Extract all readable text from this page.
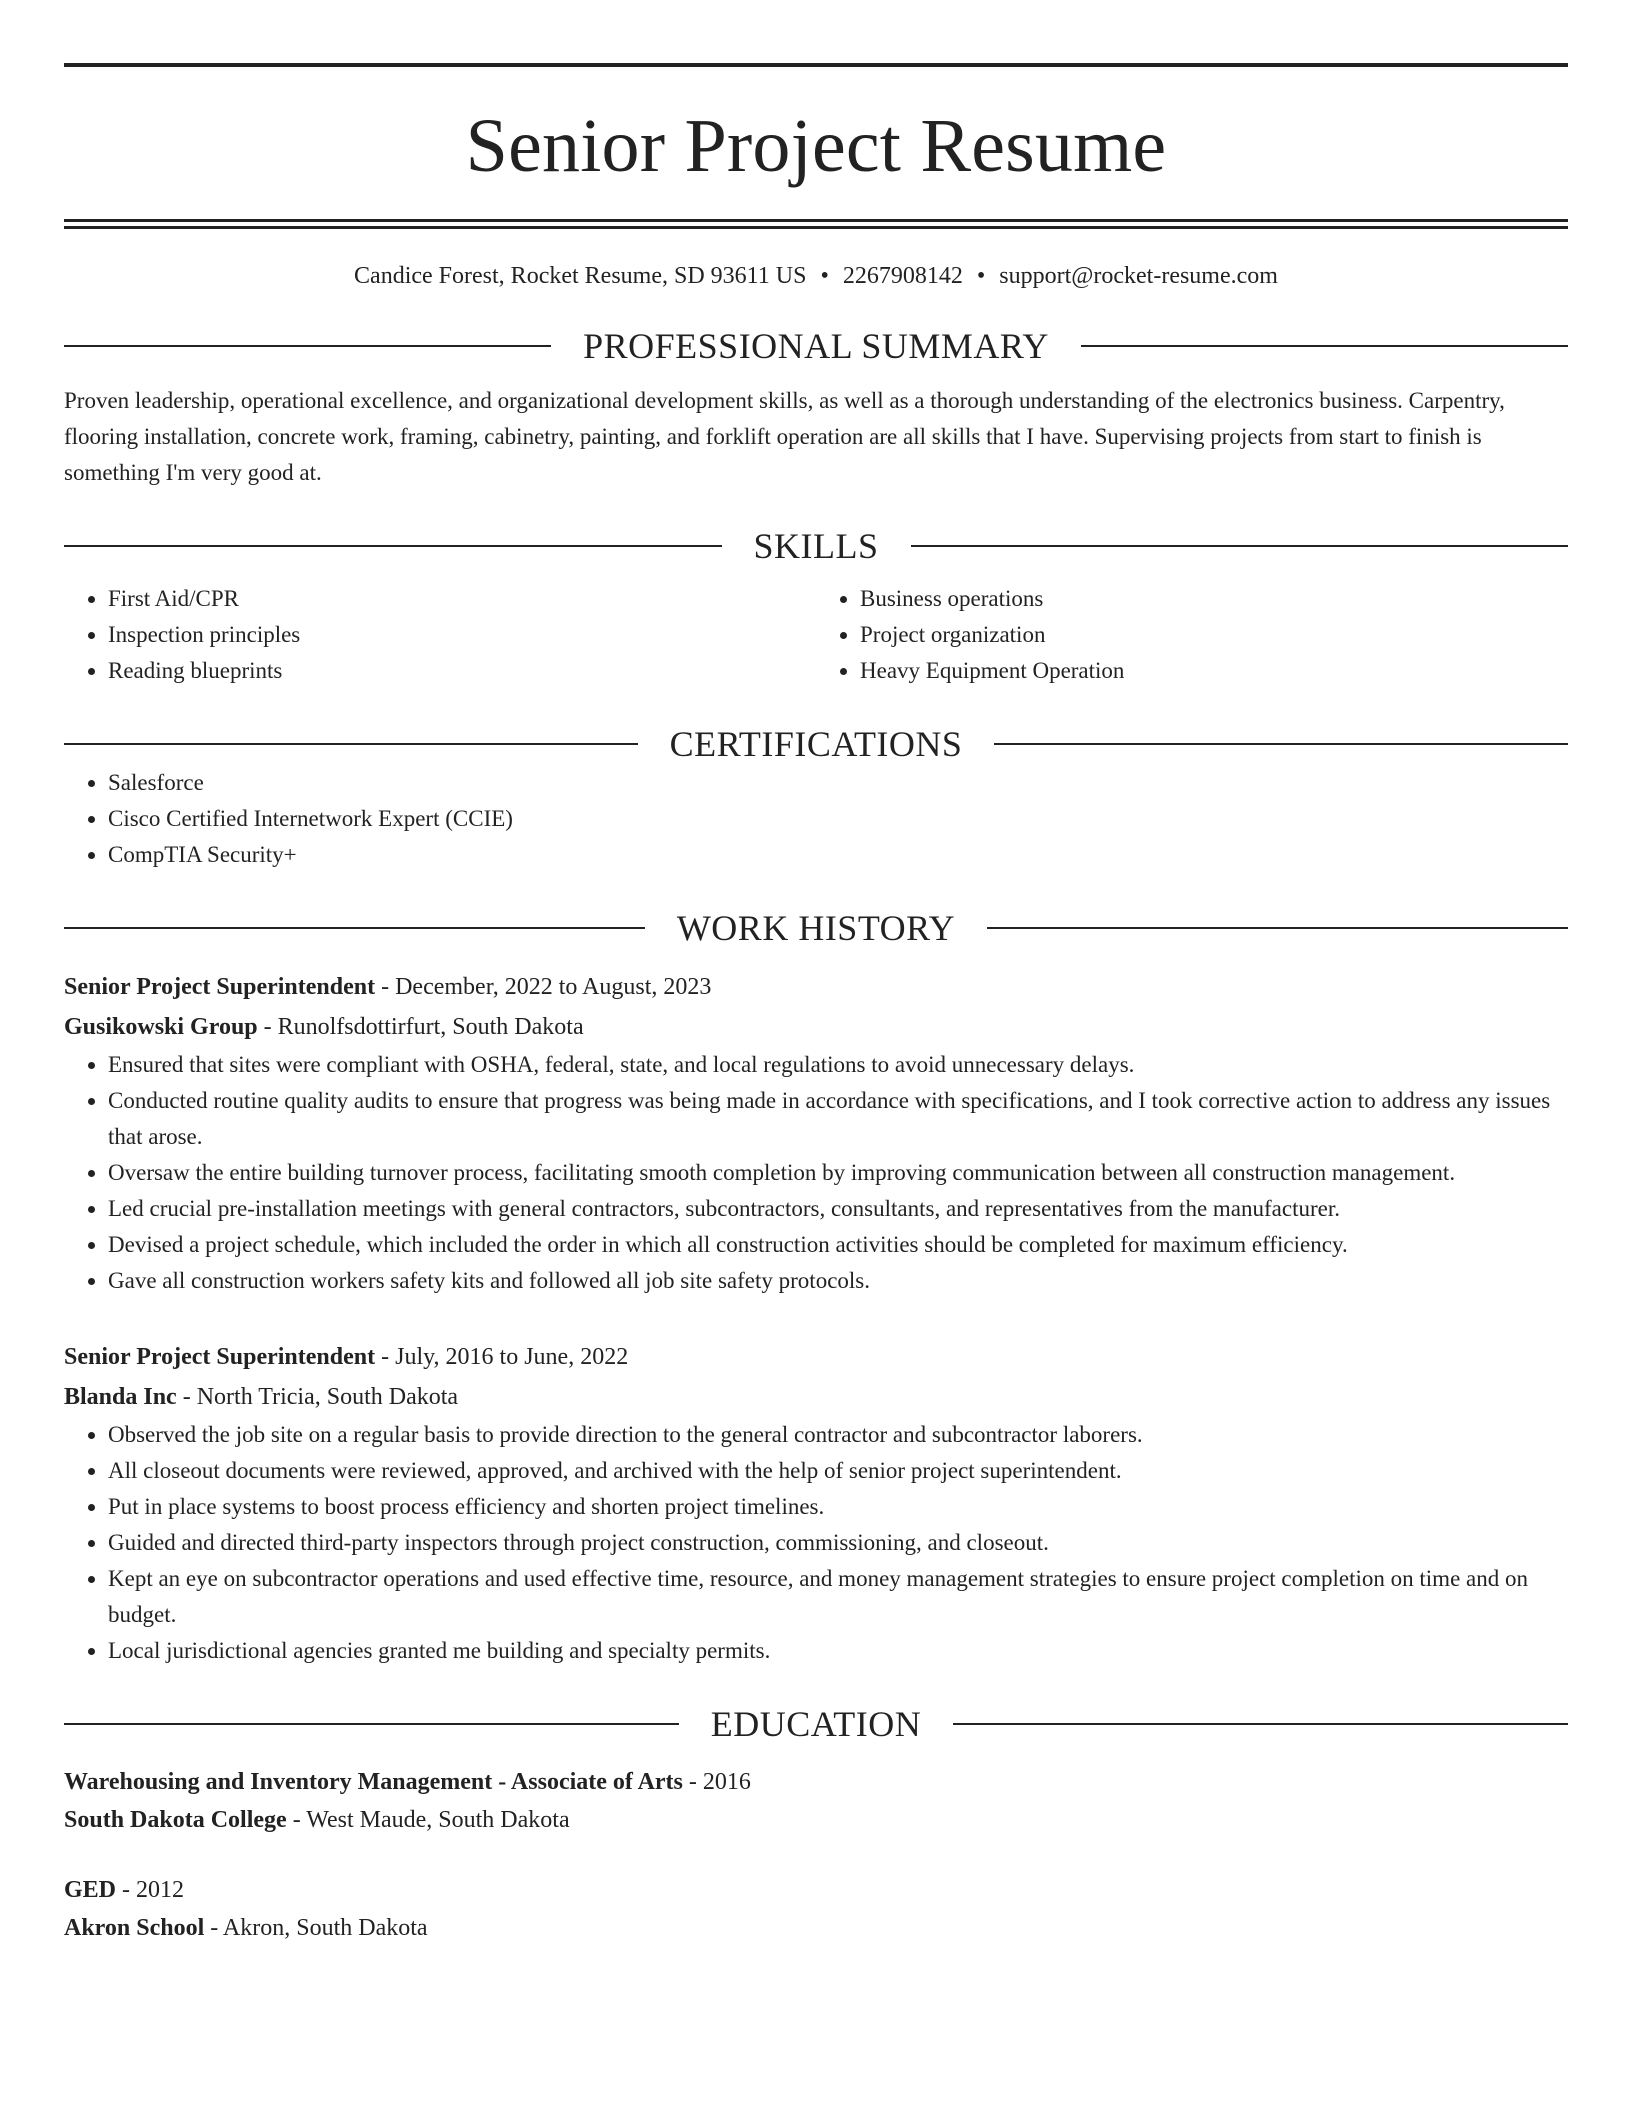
Senior Project Resume
Candice Forest, Rocket Resume, SD 93611 US • 2267908142 • support@rocket-resume.com
PROFESSIONAL SUMMARY
Proven leadership, operational excellence, and organizational development skills, as well as a thorough understanding of the electronics business. Carpentry, flooring installation, concrete work, framing, cabinetry, painting, and forklift operation are all skills that I have. Supervising projects from start to finish is something I'm very good at.
SKILLS
• First Aid/CPR
• Inspection principles
• Reading blueprints
• Business operations
• Project organization
• Heavy Equipment Operation
CERTIFICATIONS
• Salesforce
• Cisco Certified Internetwork Expert (CCIE)
• CompTIA Security+
WORK HISTORY
Senior Project Superintendent - December, 2022 to August, 2023
Gusikowski Group - Runolfsdottirfurt, South Dakota
• Ensured that sites were compliant with OSHA, federal, state, and local regulations to avoid unnecessary delays.
• Conducted routine quality audits to ensure that progress was being made in accordance with specifications, and I took corrective action to address any issues that arose.
• Oversaw the entire building turnover process, facilitating smooth completion by improving communication between all construction management.
• Led crucial pre-installation meetings with general contractors, subcontractors, consultants, and representatives from the manufacturer.
• Devised a project schedule, which included the order in which all construction activities should be completed for maximum efficiency.
• Gave all construction workers safety kits and followed all job site safety protocols.
Senior Project Superintendent - July, 2016 to June, 2022
Blanda Inc - North Tricia, South Dakota
• Observed the job site on a regular basis to provide direction to the general contractor and subcontractor laborers.
• All closeout documents were reviewed, approved, and archived with the help of senior project superintendent.
• Put in place systems to boost process efficiency and shorten project timelines.
• Guided and directed third-party inspectors through project construction, commissioning, and closeout.
• Kept an eye on subcontractor operations and used effective time, resource, and money management strategies to ensure project completion on time and on budget.
• Local jurisdictional agencies granted me building and specialty permits.
EDUCATION
Warehousing and Inventory Management - Associate of Arts - 2016
South Dakota College - West Maude, South Dakota
GED - 2012
Akron School - Akron, South Dakota
